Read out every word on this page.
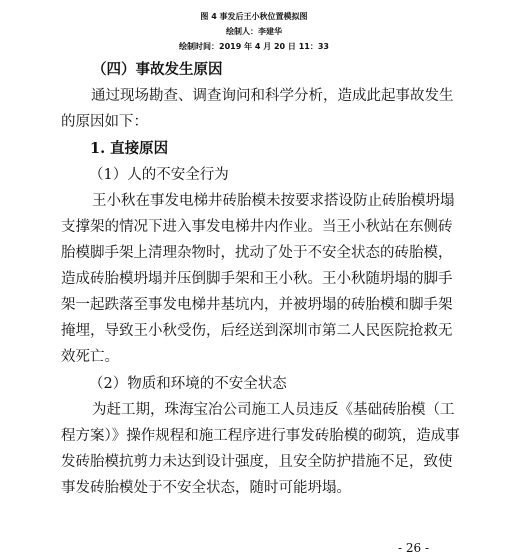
图 4 事发后王小秋位置模拟图
绘制人：李建华
绘制时间：2019 年 4 月 20 日 11：33
（四）事故发生原因
通过现场勘查、调查询问和科学分析，造成此起事故发生
的原因如下：
1. 直接原因
（1）人的不安全行为
王小秋在事发电梯井砖胎模未按要求搭设防止砖胎模坍塌
支撑架的情况下进入事发电梯井内作业。当王小秋站在东侧砖
胎模脚手架上清理杂物时，扰动了处于不安全状态的砖胎模，
造成砖胎模坍塌并压倒脚手架和王小秋。王小秋随坍塌的脚手
架一起跌落至事发电梯井基坑内，并被坍塌的砖胎模和脚手架
掩埋，导致王小秋受伤，后经送到深圳市第二人民医院抢救无
效死亡。
（2）物质和环境的不安全状态
为赶工期，珠海宝冶公司施工人员违反《基础砖胎模（工
程方案）》操作规程和施工程序进行事发砖胎模的砌筑，造成事
发砖胎模抗剪力未达到设计强度，且安全防护措施不足，致使
事发砖胎模处于不安全状态，随时可能坍塌。
- 26 -
